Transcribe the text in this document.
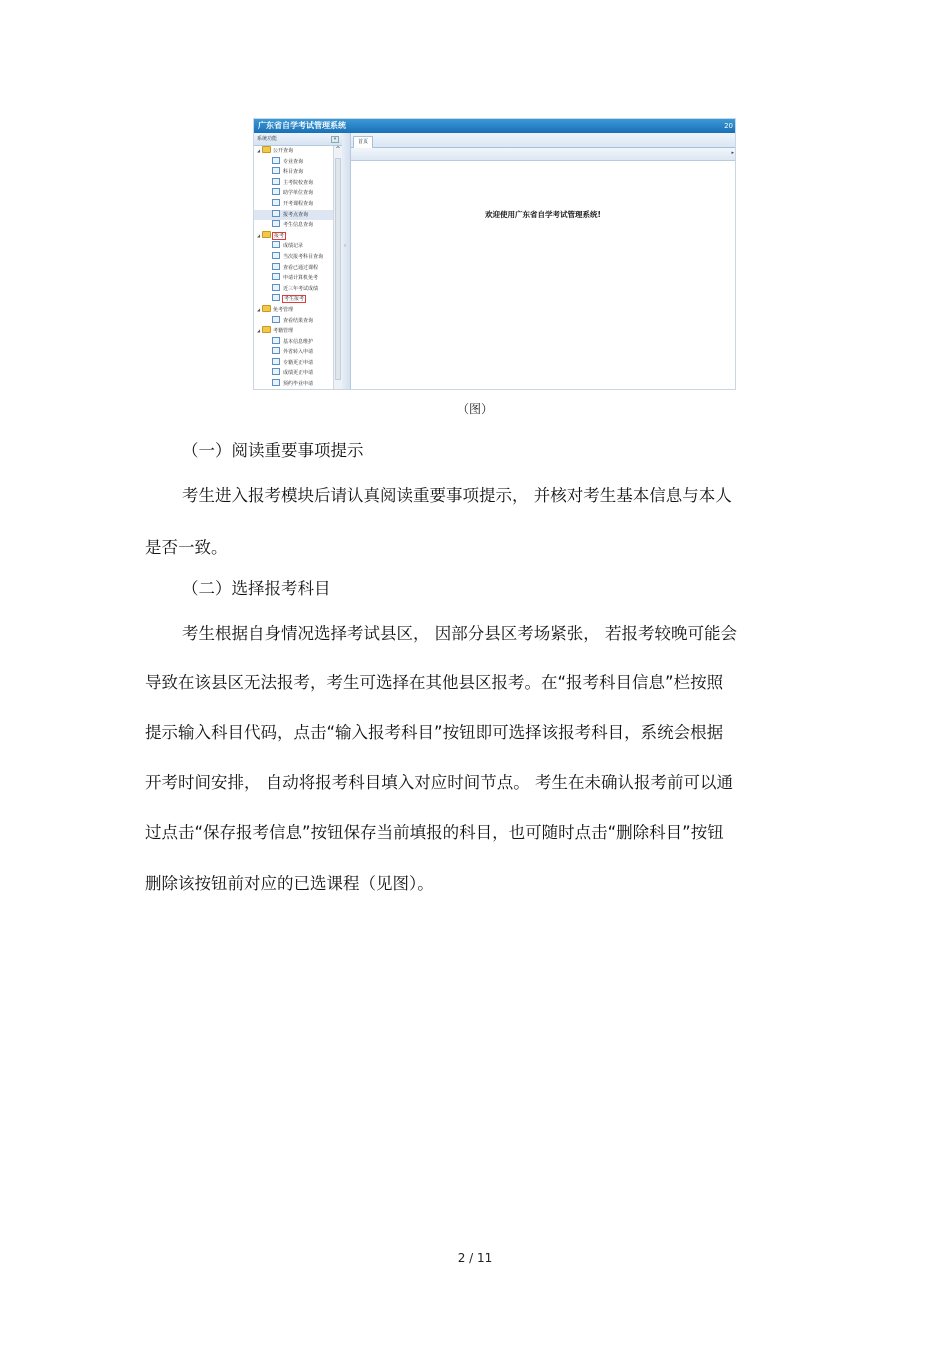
广东省自学考试管理系统	20
系统功能	«
◢	公开查询
专业查询
科目查询
主考院校查询
助学单位查询
开考课程查询
报考点查询
考生信息查询
◢	报考
成绩记录
当次报考科目查询
查看已通过课程
申请计算机免考
近三年考试成绩
考生报考
◢	免考管理
查看结果查询
◢	考籍管理
基本信息维护
外省转入申请
专籍更正申请
成绩更正申请
预约毕业申请
^
›
首页
▸
欢迎使用广东省自学考试管理系统!
（图）
（一）阅读重要事项提示
考生进入报考模块后请认真阅读重要事项提示， 并核对考生基本信息与本人
是否一致。
（二）选择报考科目
考生根据自身情况选择考试县区， 因部分县区考场紧张， 若报考较晚可能会
导致在该县区无法报考，考生可选择在其他县区报考。在“报考科目信息”栏按照
提示输入科目代码，点击“输入报考科目”按钮即可选择该报考科目，系统会根据
开考时间安排， 自动将报考科目填入对应时间节点。 考生在未确认报考前可以通
过点击“保存报考信息”按钮保存当前填报的科目，也可随时点击“删除科目”按钮
删除该按钮前对应的已选课程（见图）。
2 / 11
